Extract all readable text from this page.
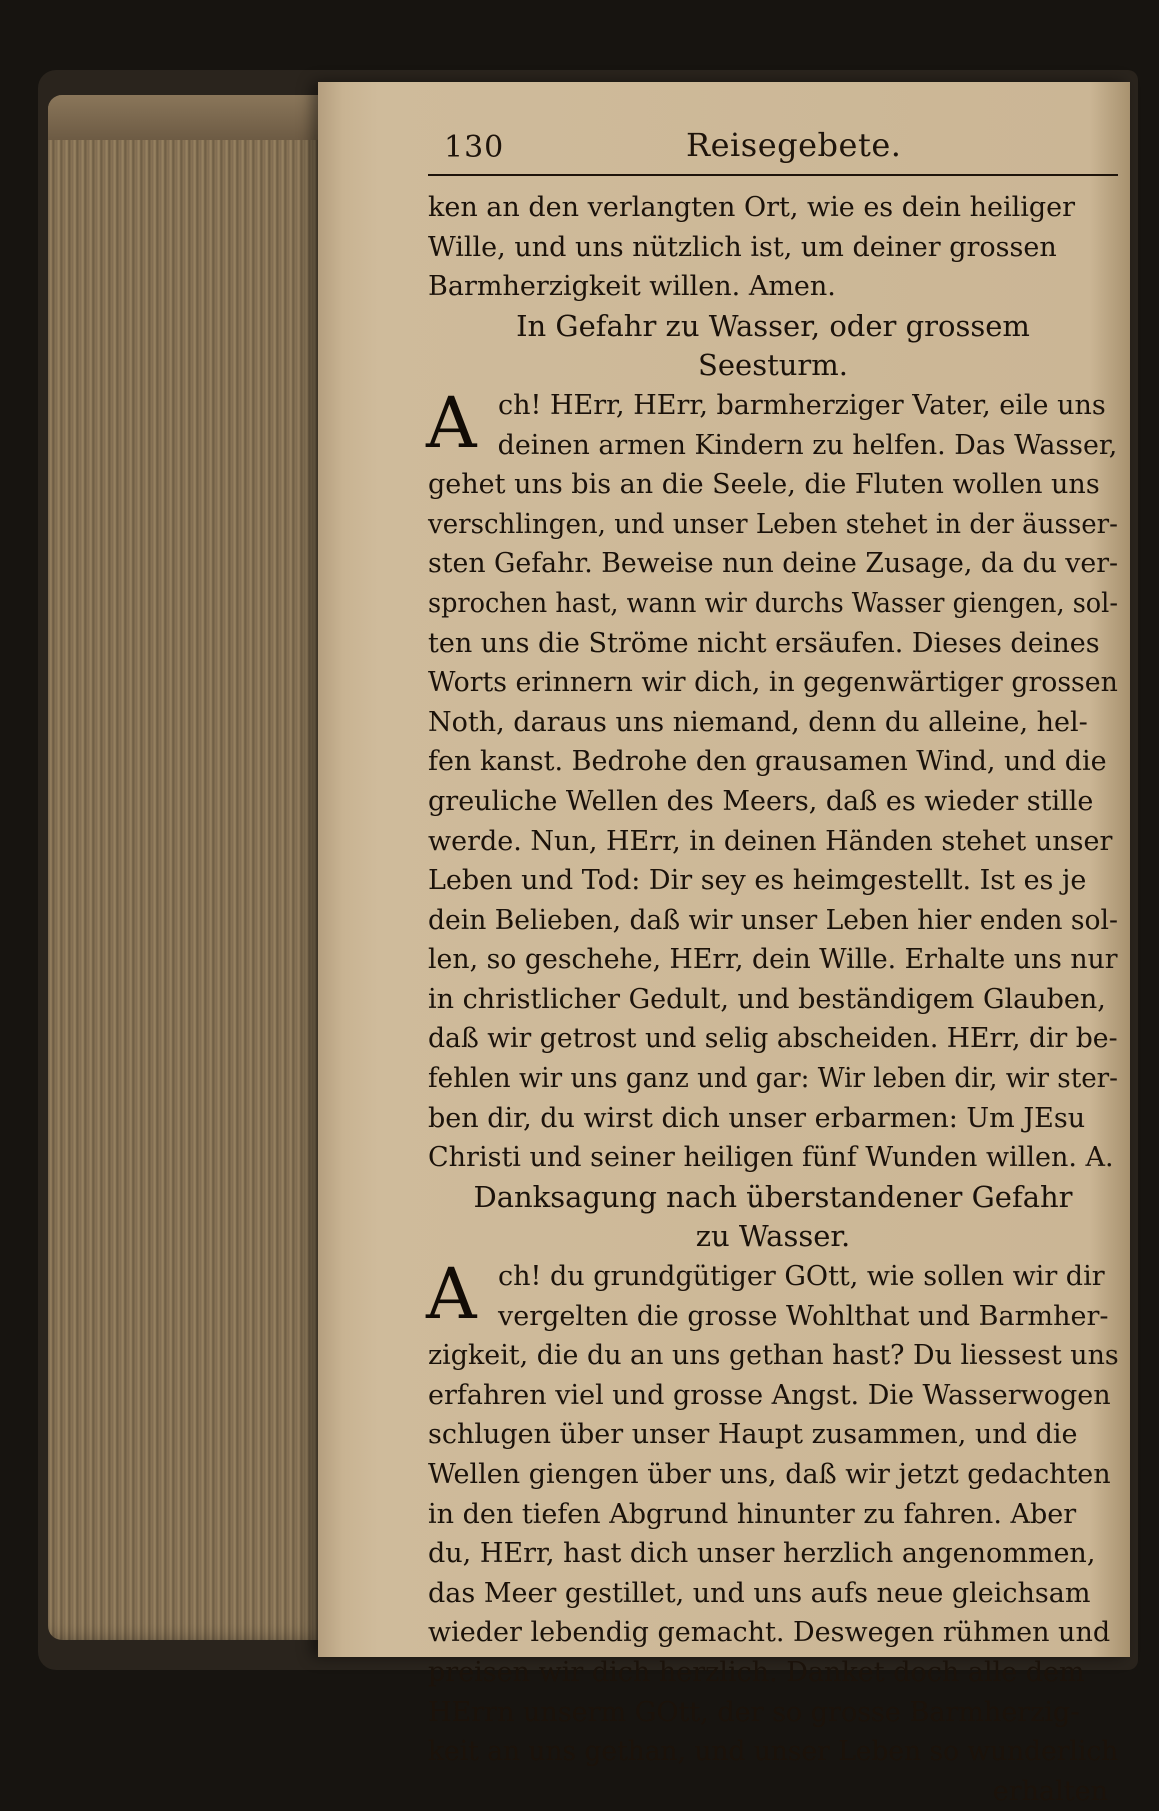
130	Reisegebete.
ken an den verlangten Ort, wie es dein heiliger
Wille, und uns nützlich ist, um deiner grossen
Barmherzigkeit willen. Amen.
In Gefahr zu Wasser, oder grossem
Seesturm.
A ch! HErr, HErr, barmherziger Vater, eile uns
deinen armen Kindern zu helfen. Das Wasser,
gehet uns bis an die Seele, die Fluten wollen uns
verschlingen, und unser Leben stehet in der äusser-
sten Gefahr. Beweise nun deine Zusage, da du ver-
sprochen hast, wann wir durchs Wasser giengen, sol-
ten uns die Ströme nicht ersäufen. Dieses deines
Worts erinnern wir dich, in gegenwärtiger grossen
Noth, daraus uns niemand, denn du alleine, hel-
fen kanst. Bedrohe den grausamen Wind, und die
greuliche Wellen des Meers, daß es wieder stille
werde. Nun, HErr, in deinen Händen stehet unser
Leben und Tod: Dir sey es heimgestellt. Ist es je
dein Belieben, daß wir unser Leben hier enden sol-
len, so geschehe, HErr, dein Wille. Erhalte uns nur
in christlicher Gedult, und beständigem Glauben,
daß wir getrost und selig abscheiden. HErr, dir be-
fehlen wir uns ganz und gar: Wir leben dir, wir ster-
ben dir, du wirst dich unser erbarmen: Um JEsu
Christi und seiner heiligen fünf Wunden willen. A.
Danksagung nach überstandener Gefahr
zu Wasser.
A ch! du grundgütiger GOtt, wie sollen wir dir
vergelten die grosse Wohlthat und Barmher-
zigkeit, die du an uns gethan hast? Du liessest uns
erfahren viel und grosse Angst. Die Wasserwogen
schlugen über unser Haupt zusammen, und die
Wellen giengen über uns, daß wir jetzt gedachten
in den tiefen Abgrund hinunter zu fahren. Aber
du, HErr, hast dich unser herzlich angenommen,
das Meer gestillet, und uns aufs neue gleichsam
wieder lebendig gemacht. Deswegen rühmen und
preisen wir dich herzlich. Danket doch alle dem
HErrn unserm GOtt, der so grosse Barmherzig-
keit an uns gethan, und unser Leben so wunderlich
erhalten
